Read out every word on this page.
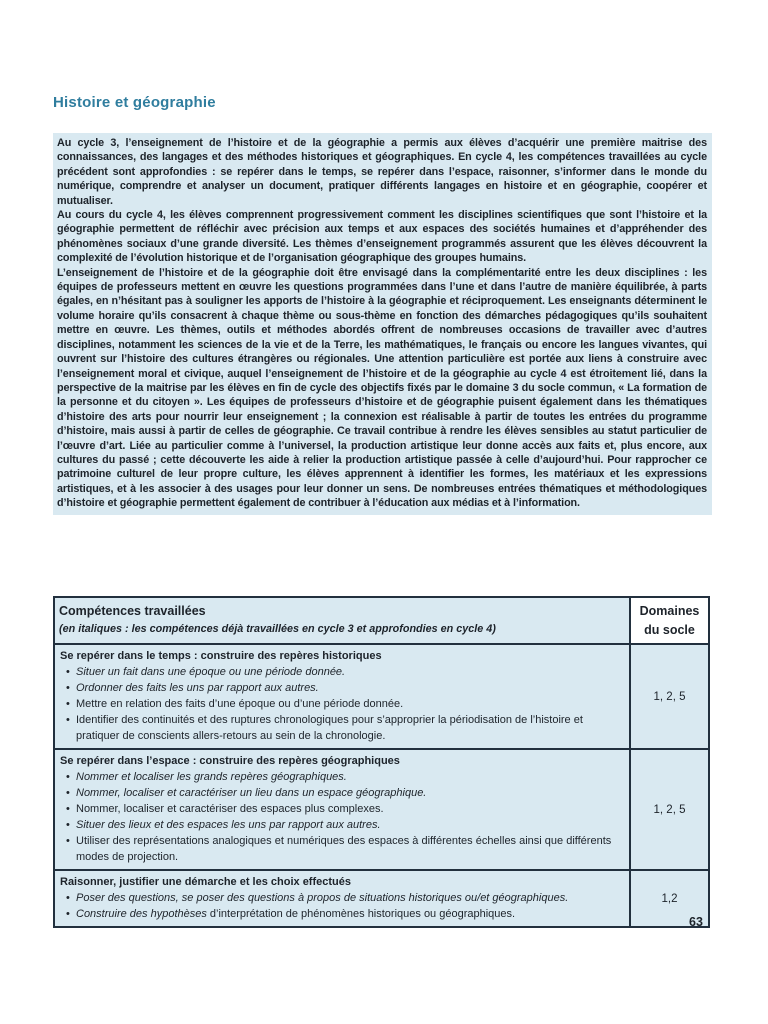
Histoire et géographie

Au cycle 3, l’enseignement de l’histoire et de la géographie a permis aux élèves d’acquérir une première maitrise des connaissances, des langages et des méthodes historiques et géographiques. En cycle 4, les compétences travaillées au cycle précédent sont approfondies : se repérer dans le temps, se repérer dans l’espace, raisonner, s’informer dans le monde du numérique, comprendre et analyser un document, pratiquer différents langages en histoire et en géographie, coopérer et mutualiser.

Au cours du cycle 4, les élèves comprennent progressivement comment les disciplines scientifiques que sont l’histoire et la géographie permettent de réfléchir avec précision aux temps et aux espaces des sociétés humaines et d’appréhender des phénomènes sociaux d’une grande diversité. Les thèmes d’enseignement programmés assurent que les élèves découvrent la complexité de l’évolution historique et de l’organisation géographique des groupes humains.

L’enseignement de l’histoire et de la géographie doit être envisagé dans la complémentarité entre les deux disciplines : les équipes de professeurs mettent en œuvre les questions programmées dans l’une et dans l’autre de manière équilibrée, à parts égales, en n’hésitant pas à souligner les apports de l’histoire à la géographie et réciproquement. Les enseignants déterminent le volume horaire qu’ils consacrent à chaque thème ou sous-thème en fonction des démarches pédagogiques qu’ils souhaitent mettre en œuvre. Les thèmes, outils et méthodes abordés offrent de nombreuses occasions de travailler avec d’autres disciplines, notamment les sciences de la vie et de la Terre, les mathématiques, le français ou encore les langues vivantes, qui ouvrent sur l’histoire des cultures étrangères ou régionales. Une attention particulière est portée aux liens à construire avec l’enseignement moral et civique, auquel l’enseignement de l’histoire et de la géographie au cycle 4 est étroitement lié, dans la perspective de la maitrise par les élèves en fin de cycle des objectifs fixés par le domaine 3 du socle commun, « La formation de la personne et du citoyen ». Les équipes de professeurs d’histoire et de géographie puisent également dans les thématiques d’histoire des arts pour nourrir leur enseignement ; la connexion est réalisable à partir de toutes les entrées du programme d’histoire, mais aussi à partir de celles de géographie. Ce travail contribue à rendre les élèves sensibles au statut particulier de l’œuvre d’art. Liée au particulier comme à l’universel, la production artistique leur donne accès aux faits et, plus encore, aux cultures du passé ; cette découverte les aide à relier la production artistique passée à celle d’aujourd’hui. Pour rapprocher ce patrimoine culturel de leur propre culture, les élèves apprennent à identifier les formes, les matériaux et les expressions artistiques, et à les associer à des usages pour leur donner un sens. De nombreuses entrées thématiques et méthodologiques d’histoire et géographie permettent également de contribuer à l’éducation aux médias et à l’information.

Compétences travaillées
(en italiques : les compétences déjà travaillées en cycle 3 et approfondies en cycle 4)
Domaines
du socle
Se repérer dans le temps : construire des repères historiques
• Situer un fait dans une époque ou une période donnée.
• Ordonner des faits les uns par rapport aux autres.
• Mettre en relation des faits d’une époque ou d’une période donnée.
• Identifier des continuités et des ruptures chronologiques pour s’approprier la périodisation de l’histoire et pratiquer de conscients allers-retours au sein de la chronologie.
1, 2, 5
Se repérer dans l’espace : construire des repères géographiques
• Nommer et localiser les grands repères géographiques.
• Nommer, localiser et caractériser un lieu dans un espace géographique.
• Nommer, localiser et caractériser des espaces plus complexes.
• Situer des lieux et des espaces les uns par rapport aux autres.
• Utiliser des représentations analogiques et numériques des espaces à différentes échelles ainsi que différents modes de projection.
1, 2, 5
Raisonner, justifier une démarche et les choix effectués
• Poser des questions, se poser des questions à propos de situations historiques ou/et géographiques.
• Construire des hypothèses d’interprétation de phénomènes historiques ou géographiques.
1,2
63
